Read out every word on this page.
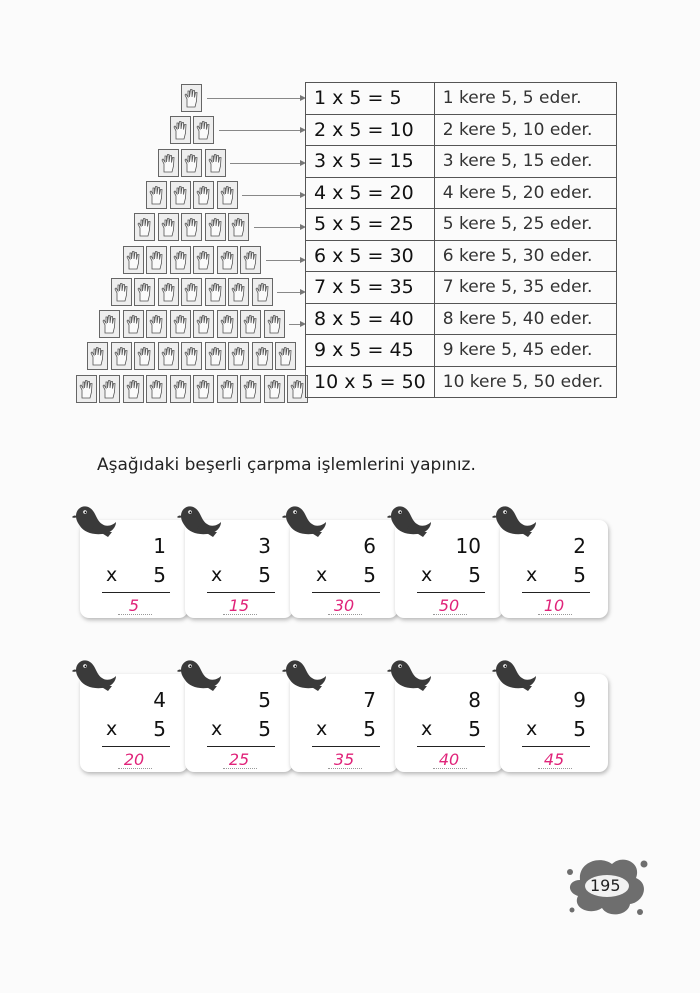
1 x 5 = 5	1 kere 5, 5 eder.
2 x 5 = 10	2 kere 5, 10 eder.
3 x 5 = 15	3 kere 5, 15 eder.
4 x 5 = 20	4 kere 5, 20 eder.
5 x 5 = 25	5 kere 5, 25 eder.
6 x 5 = 30	6 kere 5, 30 eder.
7 x 5 = 35	7 kere 5, 35 eder.
8 x 5 = 40	8 kere 5, 40 eder.
9 x 5 = 45	9 kere 5, 45 eder.
10 x 5 = 50	10 kere 5, 50 eder.
Aşağıdaki beşerli çarpma işlemlerini yapınız.
1
x 5
5
3
x 5
15
6
x 5
30
10
x 5
50
2
x 5
10
4
x 5
20
5
x 5
25
7
x 5
35
8
x 5
40
9
x 5
45
195
